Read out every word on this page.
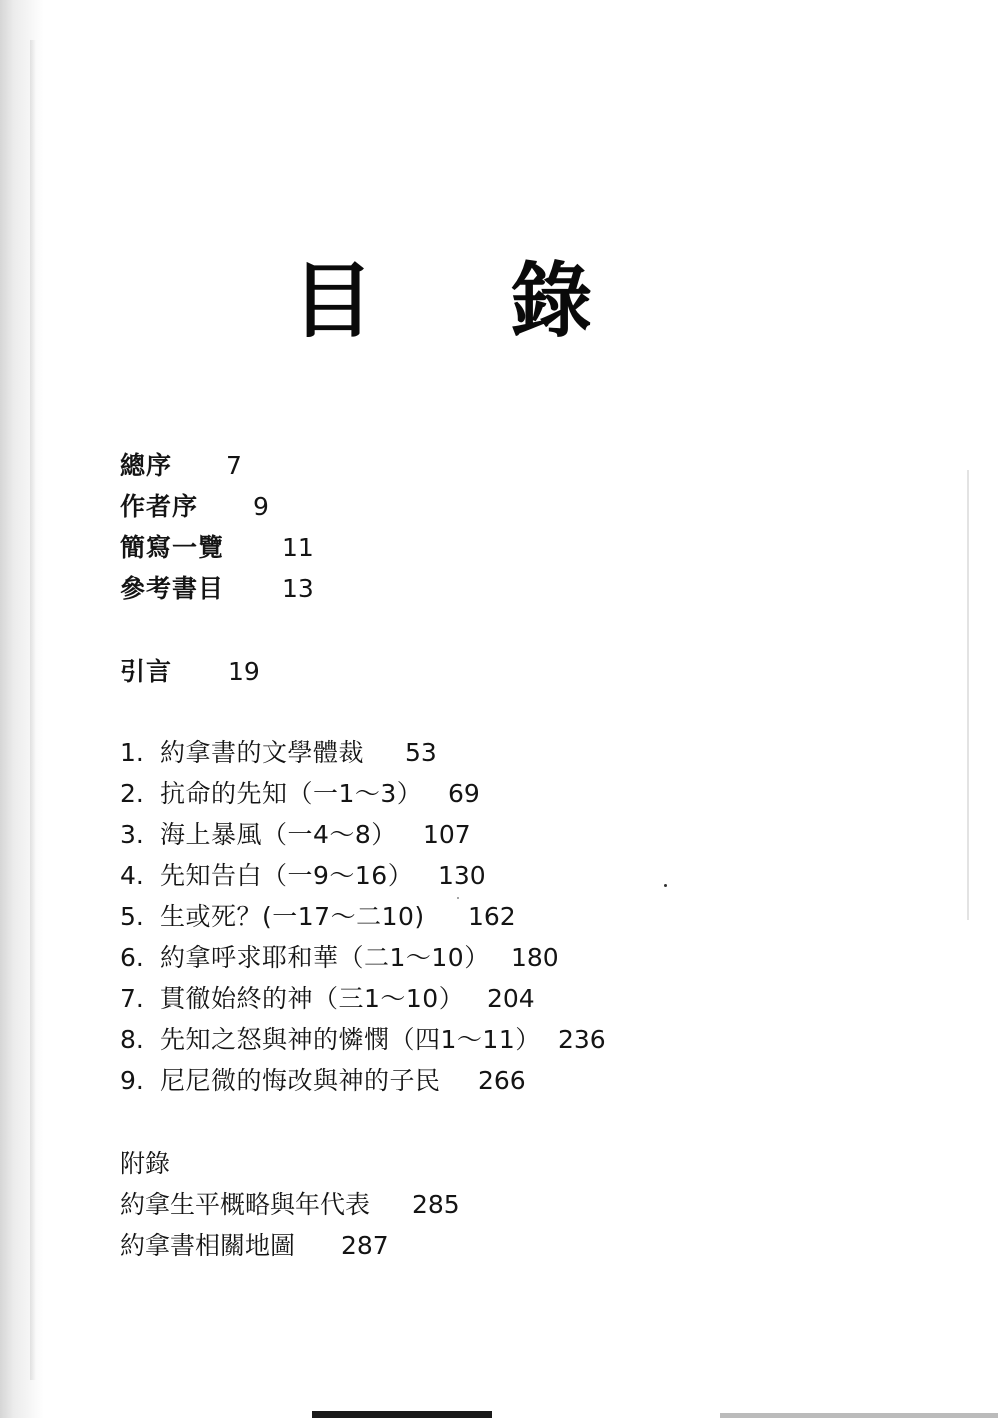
目 錄
總序 7
作者序 9
簡寫一覽 11
參考書目 13
引言 19
1. 約拿書的文學體裁 53
2. 抗命的先知（一1～3） 69
3. 海上暴風（一4～8） 107
4. 先知告白（一9～16） 130
5. 生或死？(一17～二10) 162
6. 約拿呼求耶和華（二1～10） 180
7. 貫徹始終的神（三1～10） 204
8. 先知之怒與神的憐憫（四1～11） 236
9. 尼尼微的悔改與神的子民 266
附錄
約拿生平概略與年代表 285
約拿書相關地圖 287
